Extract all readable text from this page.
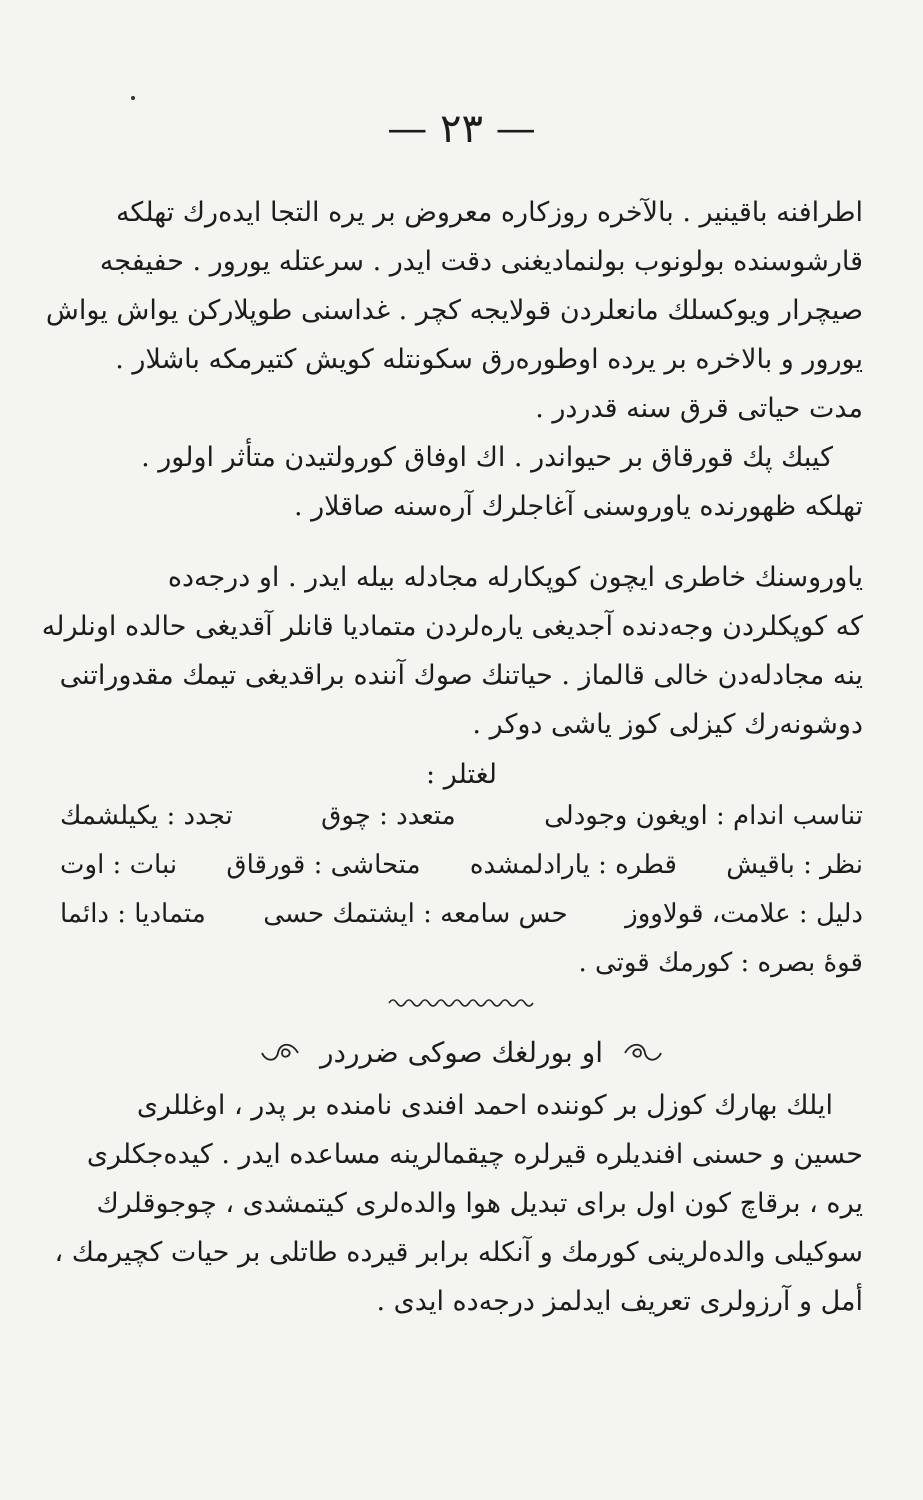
— ۲۳ —

اطرافنه باقينير . بالآخره روزكاره معروض بر يره التجا ايده‌رك تهلكه
قارشوسنده بولونوب بولنماديغنى دقت ايدر . سرعتله يورور . حفيفجه
صيچرار ويوكسلك مانعلردن قولايجه كچر . غداسنى طوپلاركن يواش يواش
يورور و بالاخره بر يرده اوطوره‌رق سكونتله كويش كتيرمكه باشلار .
مدت حياتى قرق سنه قدردر .

كيبك پك قورقاق بر حيواندر . اك اوفاق كورولتيدن متأثر اولور .
تهلكه ظهورنده ياوروسنى آغاجلرك آره‌سنه صاقلار .

ياوروسنك خاطرى ايچون كوپكارله مجادله بيله ايدر . او درجه‌ده
كه كوپكلردن وجه‌دنده آجديغى يارەلردن متماديا قانلر آقديغى حالده اونلرله
ينه مجادله‌دن خالى قالماز . حياتنك صوك آننده براقديغى تيمك مقدوراتنى
دوشونه‌رك كيزلى كوز ياشى دوكر .

لغتلر :
تناسب اندام : اويغون وجودلى
متعدد : چوق
تجدد : يكيلشمك
نظر : باقيش
قطره : يارادلمشده
متحاشى : قورقاق
نبات : اوت
دليل : علامت، قولاووز
حس سامعه : ايشتمك حسى
متماديا : دائما
قوهٔ بصره : كورمك قوتى .
او بورلغك صوكى ضرردر

ايلك بهارك كوزل بر كوننده احمد افندى نامنده بر پدر ، اوغللرى
حسين و حسنى افنديلره قيرلره چيقمالرينه مساعده ايدر . كيده‌جكلرى
يره ، برقاچ كون اول براى تبديل هوا والده‌لرى كيتمشدى ، چوجوقلرك
سوكيلى والده‌لرينى كورمك و آنكله برابر قيرده طاتلى بر حيات كچيرمك ،
أمل و آرزولرى تعريف ايدلمز درجه‌ده ايدى .
